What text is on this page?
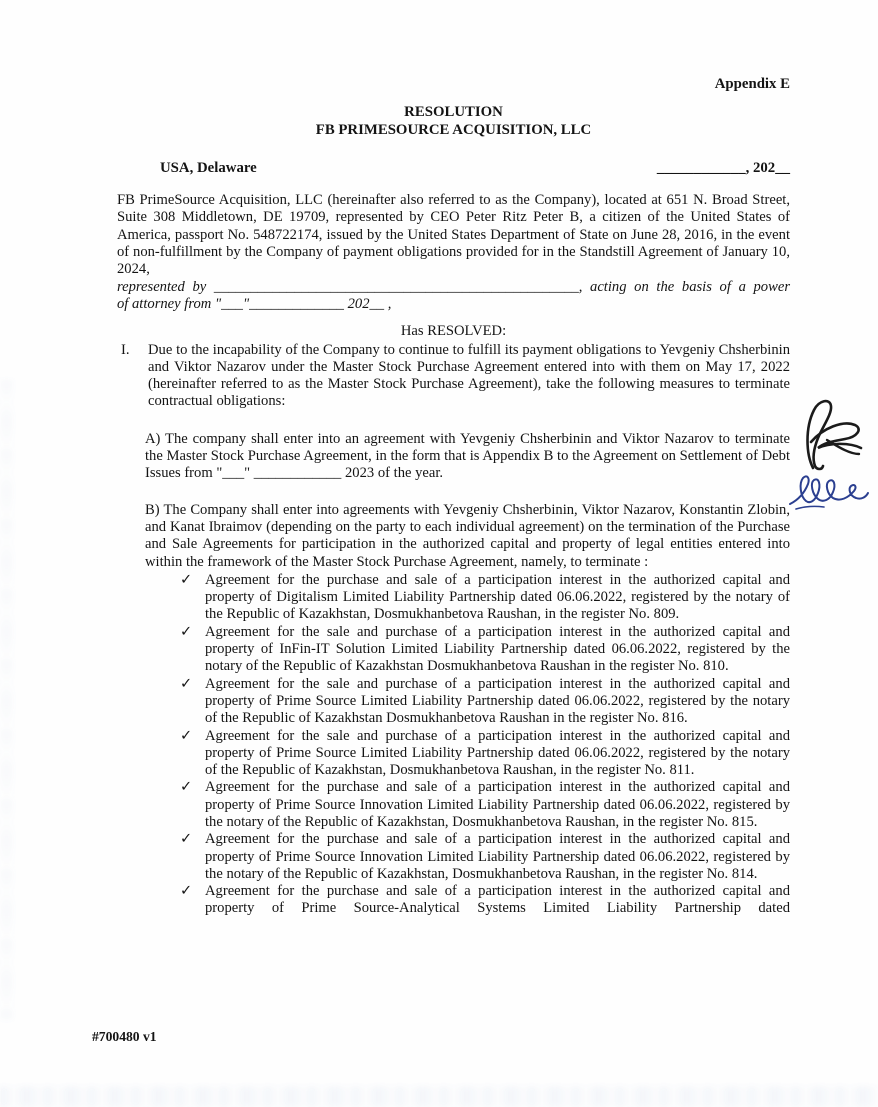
Appendix E
RESOLUTION
FB PRIMESOURCE ACQUISITION, LLC
USA, Delaware	____________, 202__
FB PrimeSource Acquisition, LLC (hereinafter also referred to as the Company), located at 651 N. Broad Street, Suite 308 Middletown, DE 19709, represented by CEO Peter Ritz Peter B, a citizen of the United States of America, passport No. 548722174, issued by the United States Department of State on June 28, 2016, in the event of non-fulfillment by the Company of payment obligations provided for in the Standstill Agreement of January 10, 2024,
represented by __________________________________________________, acting on the basis of a power
of attorney from "___"_____________ 202__ ,
Has RESOLVED:
I.	Due to the incapability of the Company to continue to fulfill its payment obligations to Yevgeniy Chsherbinin and Viktor Nazarov under the Master Stock Purchase Agreement entered into with them on May 17, 2022 (hereinafter referred to as the Master Stock Purchase Agreement), take the following measures to terminate contractual obligations:
A) The company shall enter into an agreement with Yevgeniy Chsherbinin and Viktor Nazarov to terminate the Master Stock Purchase Agreement, in the form that is Appendix B to the Agreement on Settlement of Debt Issues from "___" ____________ 2023 of the year.
B) The Company shall enter into agreements with Yevgeniy Chsherbinin, Viktor Nazarov, Konstantin Zlobin, and Kanat Ibraimov (depending on the party to each individual agreement) on the termination of the Purchase and Sale Agreements for participation in the authorized capital and property of legal entities entered into within the framework of the Master Stock Purchase Agreement, namely, to terminate :
✓ Agreement for the purchase and sale of a participation interest in the authorized capital and property of Digitalism Limited Liability Partnership dated 06.06.2022, registered by the notary of the Republic of Kazakhstan, Dosmukhanbetova Raushan, in the register No. 809.
✓ Agreement for the sale and purchase of a participation interest in the authorized capital and property of InFin-IT Solution Limited Liability Partnership dated 06.06.2022, registered by the notary of the Republic of Kazakhstan Dosmukhanbetova Raushan in the register No. 810.
✓ Agreement for the sale and purchase of a participation interest in the authorized capital and property of Prime Source Limited Liability Partnership dated 06.06.2022, registered by the notary of the Republic of Kazakhstan Dosmukhanbetova Raushan in the register No. 816.
✓ Agreement for the sale and purchase of a participation interest in the authorized capital and property of Prime Source Limited Liability Partnership dated 06.06.2022, registered by the notary of the Republic of Kazakhstan, Dosmukhanbetova Raushan, in the register No. 811.
✓ Agreement for the purchase and sale of a participation interest in the authorized capital and property of Prime Source Innovation Limited Liability Partnership dated 06.06.2022, registered by the notary of the Republic of Kazakhstan, Dosmukhanbetova Raushan, in the register No. 815.
✓ Agreement for the purchase and sale of a participation interest in the authorized capital and property of Prime Source Innovation Limited Liability Partnership dated 06.06.2022, registered by the notary of the Republic of Kazakhstan, Dosmukhanbetova Raushan, in the register No. 814.
✓ Agreement for the purchase and sale of a participation interest in the authorized capital and property of Prime Source-Analytical Systems Limited Liability Partnership dated
#700480 v1
